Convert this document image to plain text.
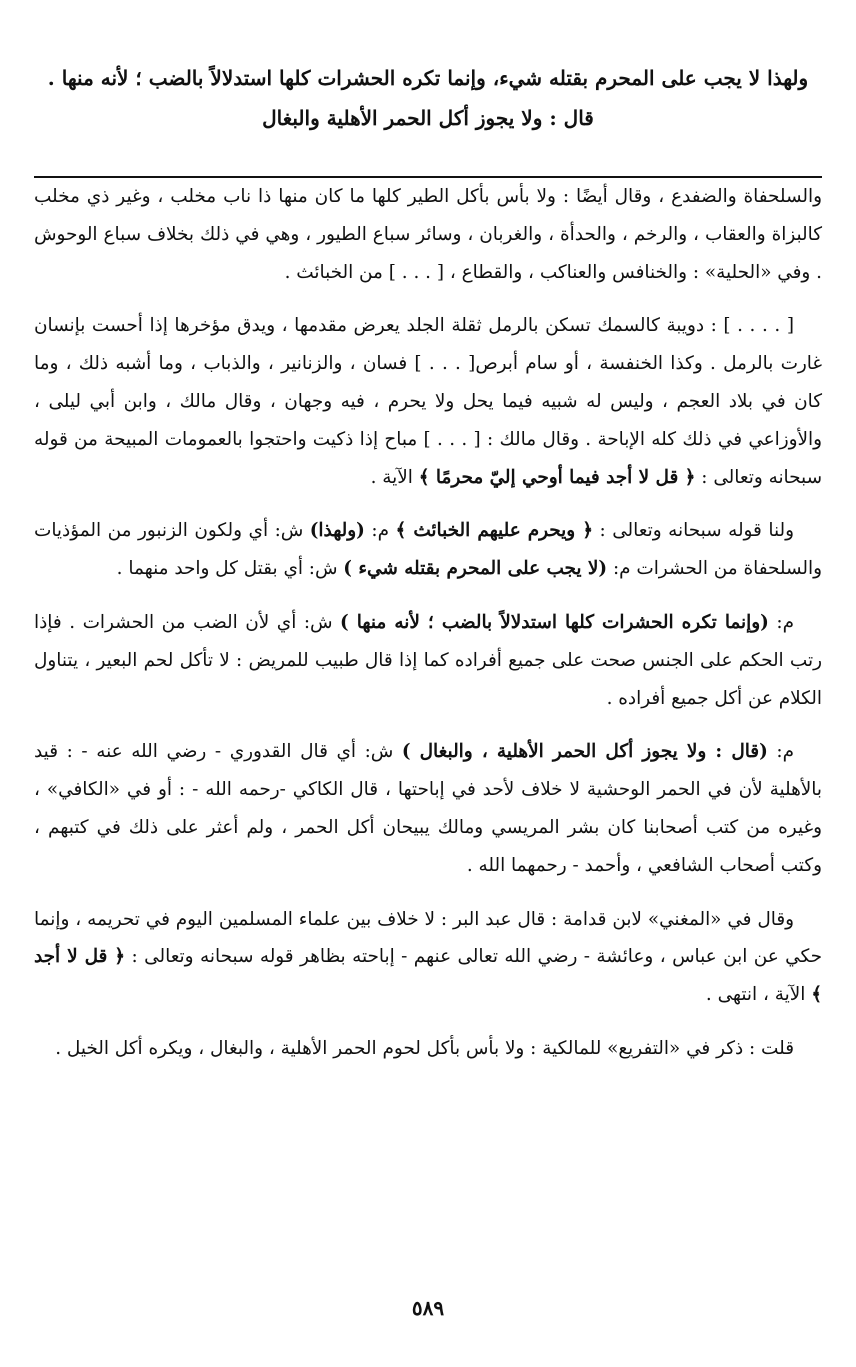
ولهذا لا يجب على المحرم بقتله شيء، وإنما تكره الحشرات كلها استدلالاً بالضب ؛ لأنه منها .
قال : ولا يجوز أكل الحمر الأهلية والبغال

والسلحفاة والضفدع ، وقال أيضًا : ولا بأس بأكل الطير كلها ما كان منها ذا ناب مخلب ، وغير ذي مخلب كالبزاة والعقاب ، والرخم ، والحدأة ، والغربان ، وسائر سباع الطيور ، وهي في ذلك بخلاف سباع الوحوش . وفي «الحلية» : والخنافس والعناكب ، والقطاع ، [ . . . ] من الخبائث .

[ . . . . ] : دويبة كالسمك تسكن بالرمل ثقلة الجلد يعرض مقدمها ، ويدق مؤخرها إذا أحست بإنسان غارت بالرمل . وكذا الخنفسة ، أو سام أبرص[ . . . ] فسان ، والزنانير ، والذباب ، وما أشبه ذلك ، وما كان في بلاد العجم ، وليس له شبيه فيما يحل ولا يحرم ، فيه وجهان ، وقال مالك ، وابن أبي ليلى ، والأوزاعي في ذلك كله الإباحة . وقال مالك : [ . . . ] مباح إذا ذكيت واحتجوا بالعمومات المبيحة من قوله سبحانه وتعالى : ﴿ قل لا أجد فيما أوحي إليّ محرمًا ﴾ الآية .

ولنا قوله سبحانه وتعالى : ﴿ ويحرم عليهم الخبائث ﴾ م: (ولهذا) ش: أي ولكون الزنبور من المؤذيات والسلحفاة من الحشرات م: (لا يجب على المحرم بقتله شيء ) ش: أي بقتل كل واحد منهما .

م: (وإنما تكره الحشرات كلها استدلالاً بالضب ؛ لأنه منها ) ش: أي لأن الضب من الحشرات . فإذا رتب الحكم على الجنس صحت على جميع أفراده كما إذا قال طبيب للمريض : لا تأكل لحم البعير ، يتناول الكلام عن أكل جميع أفراده .

م: (قال : ولا يجوز أكل الحمر الأهلية ، والبغال ) ش: أي قال القدوري - رضي الله عنه - : قيد بالأهلية لأن في الحمر الوحشية لا خلاف لأحد في إباحتها ، قال الكاكي -رحمه الله - : أو في «الكافي» ، وغيره من كتب أصحابنا كان بشر المريسي ومالك يبيحان أكل الحمر ، ولم أعثر على ذلك في كتبهم ، وكتب أصحاب الشافعي ، وأحمد - رحمهما الله .

وقال في «المغني» لابن قدامة : قال عبد البر : لا خلاف بين علماء المسلمين اليوم في تحريمه ، وإنما حكي عن ابن عباس ، وعائشة - رضي الله تعالى عنهم - إباحته بظاهر قوله سبحانه وتعالى : ﴿ قل لا أجد ﴾ الآية ، انتهى .

قلت : ذكر في «التفريع» للمالكية : ولا بأس بأكل لحوم الحمر الأهلية ، والبغال ، ويكره أكل الخيل .

٥٨٩
